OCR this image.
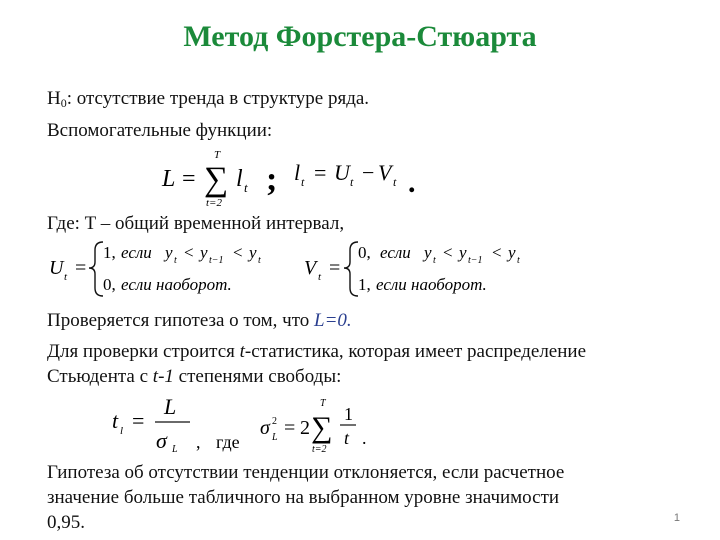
Метод Форстера-Стюарта
$H_0$: отсутствие тренда в структуре ряда.
Вспомогательные функции:
L =
T
∑
t=2
l t ; l t = U t − V t .
Где: T – общий временной интервал,
U t =
1, если y t < y t−1 < y t
0, если наоборот.
V t =
0, если y t < y t−1 < y t
1, если наоборот.
Проверяется гипотеза о том, что L=0.
Для проверки строится t-статистика, которая имеет распределение
Стьюдента с t-1 степенями свободы:
t l =
L
σ L , где
σ 2
L = 2
T
∑
t=2
1
t .
Гипотеза об отсутствии тенденции отклоняется, если расчетное
значение больше табличного на выбранном уровне значимости
0,95.	1
